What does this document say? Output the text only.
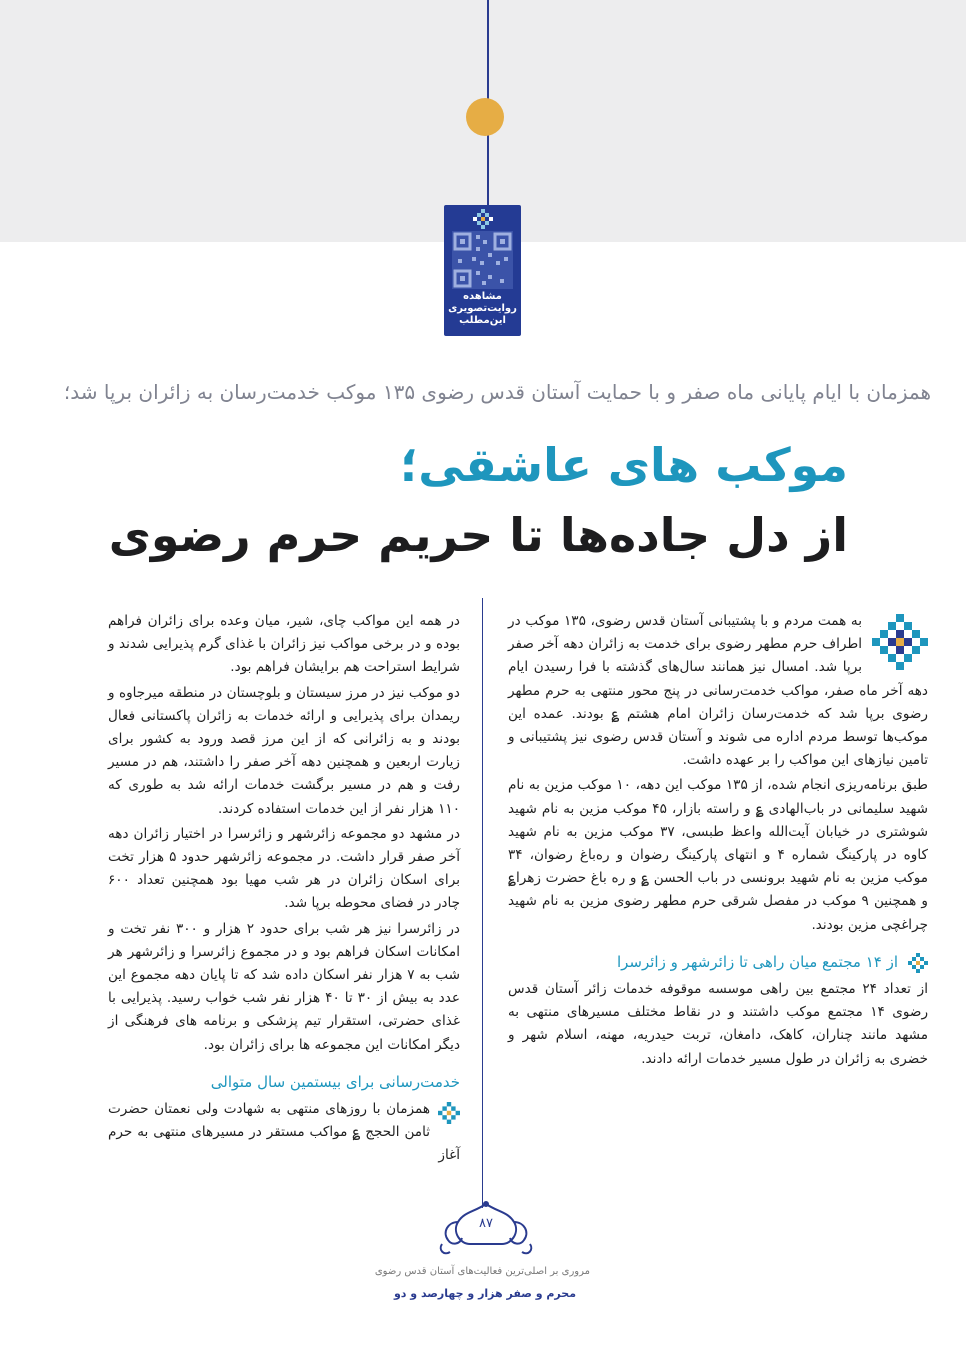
مشاهده
روایت‌تصویری
این‌مطلب
همزمان با ایام پایانی ماه صفر و با حمایت آستان قدس رضوی ۱۳۵ موکب خدمت‌رسان به زائران برپا شد؛
موکب های عاشقی؛
از دل جاده‌ها تا حریم حرم رضوی

به همت مردم و با پشتیبانی آستان قدس رضوی، ۱۳۵ موکب در اطراف حرم مطهر رضوی برای خدمت به زائران دهه آخر صفر برپا شد. امسال نیز همانند سال‌های گذشته با فرا رسیدن ایام دهه آخر ماه صفر، مواکب خدمت‌رسانی در پنج محور منتهی به حرم مطهر رضوی برپا شد که خدمت‌رسان زائران امام هشتم ؏ بودند. عمده این موکب‌ها توسط مردم اداره می شوند و آستان قدس رضوی نیز پشتیبانی و تامین نیازهای این مواکب را بر عهده داشت.

طبق برنامه‌ریزی انجام شده، از ۱۳۵ موکب این دهه، ۱۰ موکب مزین به نام شهید سلیمانی در باب‌الهادی ؏ و راسته بازار، ۴۵ موکب مزین به نام شهید شوشتری در خیابان آیت‌الله واعظ طبسی، ۳۷ موکب مزین به نام شهید کاوه در پارکینگ شماره ۴ و انتهای پارکینگ رضوان و ره‌باغ رضوان، ۳۴ موکب مزین به نام شهید برونسی در باب الحسن ؏ و ره باغ حضرت زهرا؏ و همچنین ۹ موکب در مفصل شرقی حرم مطهر رضوی مزین به نام شهید چراغچی مزین بودند.

از ۱۴ مجتمع میان راهی تا زائرشهر و زائرسرا

از تعداد ۲۴ مجتمع بین راهی موسسه موقوفه خدمات زائر آستان قدس رضوی ۱۴ مجتمع موکب داشتند و در نقاط مختلف مسیرهای منتهی به مشهد مانند چناران، کاهک، دامغان، تربت حیدریه، مهنه، اسلام شهر و خضری به زائران در طول مسیر خدمات ارائه دادند.

در همه این مواکب چای، شیر، میان وعده برای زائران فراهم بوده و در برخی مواکب نیز زائران با غذای گرم پذیرایی شدند و شرایط استراحت هم برایشان فراهم بود.

دو موکب نیز در مرز سیستان و بلوچستان در منطقه میرجاوه و ریمدان برای پذیرایی و ارائه خدمات به زائران پاکستانی فعال بودند و به زائرانی که از این مرز قصد ورود به کشور برای زیارت اربعین و همچنین دهه آخر صفر را داشتند، هم در مسیر رفت و هم در مسیر برگشت خدمات ارائه شد به طوری که ۱۱۰ هزار نفر از این خدمات استفاده کردند.

در مشهد دو مجموعه زائرشهر و زائرسرا در اختیار زائران دهه آخر صفر قرار داشت. در مجموعه زائرشهر حدود ۵ هزار تخت برای اسکان زائران در هر شب مهیا بود همچنین تعداد ۶۰۰ چادر در فضای محوطه برپا شد.

در زائرسرا نیز هر شب برای حدود ۲ هزار و ۳۰۰ نفر تخت و امکانات اسکان فراهم بود و در مجموع زائرسرا و زائرشهر هر شب به ۷ هزار نفر اسکان داده شد که تا پایان دهه مجموع این عدد به بیش از ۳۰ تا ۴۰ هزار نفر شب خواب رسید. پذیرایی با غذای حضرتی، استقرار تیم پزشکی و برنامه های فرهنگی از دیگر امکانات این مجموعه ها برای زائران بود.

خدمت‌رسانی برای بیستمین سال متوالی

همزمان با روزهای منتهی به شهادت ولی نعمتان حضرت ثامن الحجج ؏ مواکب مستقر در مسیرهای منتهی به حرم آغاز

۸۷
مروری بر اصلی‌ترین فعالیت‌های آستان قدس رضوی
محرم و صفر هزار و چهارصد و دو
